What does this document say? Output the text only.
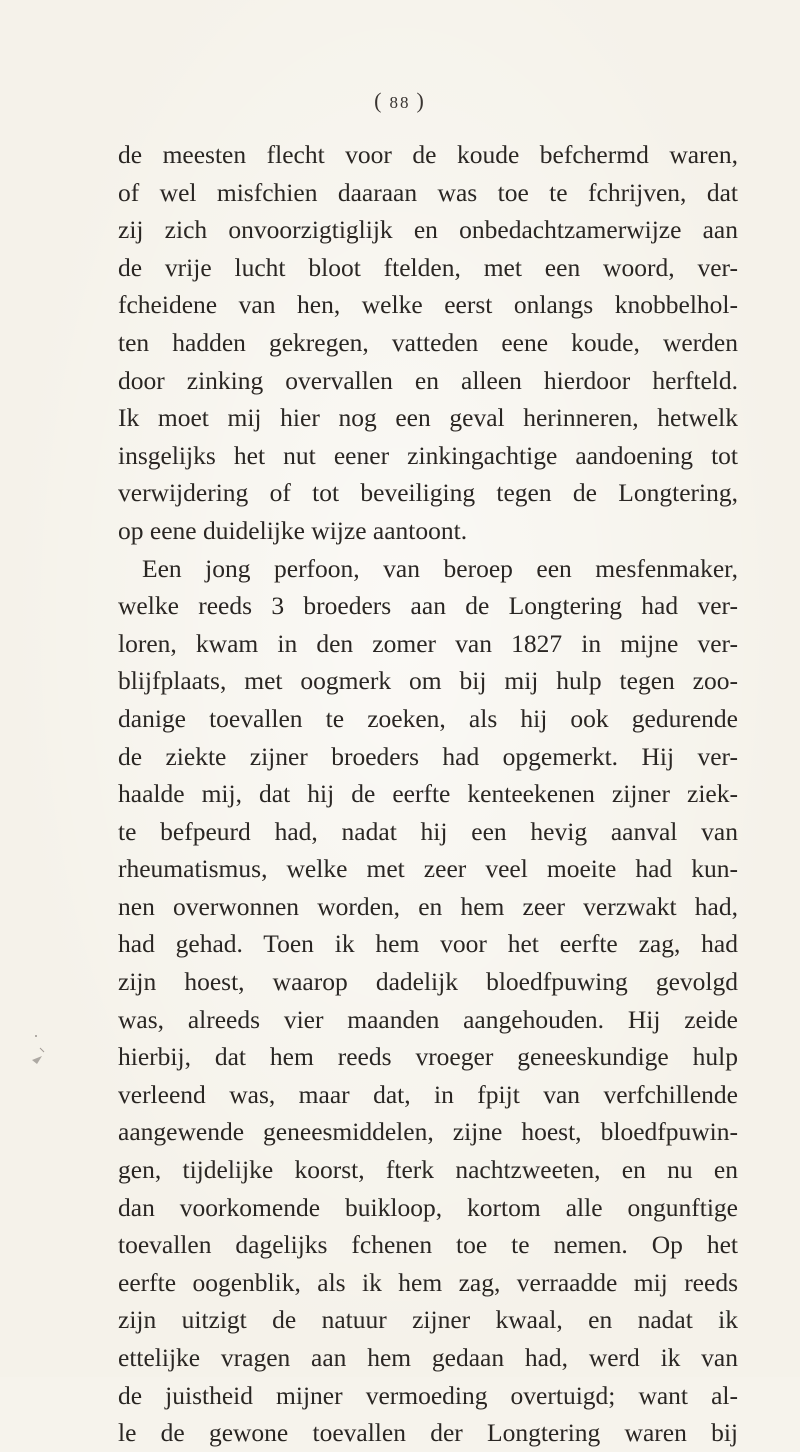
( 88 )
de meesten flecht voor de koude befchermd waren,
of wel misfchien daaraan was toe te fchrijven, dat
zij zich onvoorzigtiglijk en onbedachtzamerwijze aan
de vrije lucht bloot ftelden, met een woord, ver-
fcheidene van hen, welke eerst onlangs knobbelhol-
ten hadden gekregen, vatteden eene koude, werden
door zinking overvallen en alleen hierdoor herfteld.
Ik moet mij hier nog een geval herinneren, hetwelk
insgelijks het nut eener zinkingachtige aandoening tot
verwijdering of tot beveiliging tegen de Longtering,
op eene duidelijke wijze aantoont.
Een jong perfoon, van beroep een mesfenmaker,
welke reeds 3 broeders aan de Longtering had ver-
loren, kwam in den zomer van 1827 in mijne ver-
blijfplaats, met oogmerk om bij mij hulp tegen zoo-
danige toevallen te zoeken, als hij ook gedurende
de ziekte zijner broeders had opgemerkt. Hij ver-
haalde mij, dat hij de eerfte kenteekenen zijner ziek-
te befpeurd had, nadat hij een hevig aanval van
rheumatismus, welke met zeer veel moeite had kun-
nen overwonnen worden, en hem zeer verzwakt had,
had gehad. Toen ik hem voor het eerfte zag, had
zijn hoest, waarop dadelijk bloedfpuwing gevolgd
was, alreeds vier maanden aangehouden. Hij zeide
hierbij, dat hem reeds vroeger geneeskundige hulp
verleend was, maar dat, in fpijt van verfchillende
aangewende geneesmiddelen, zijne hoest, bloedfpuwin-
gen, tijdelijke koorst, fterk nachtzweeten, en nu en
dan voorkomende buikloop, kortom alle ongunftige
toevallen dagelijks fchenen toe te nemen. Op het
eerfte oogenblik, als ik hem zag, verraadde mij reeds
zijn uitzigt de natuur zijner kwaal, en nadat ik
ettelijke vragen aan hem gedaan had, werd ik van
de juistheid mijner vermoeding overtuigd; want al-
le de gewone toevallen der Longtering waren bij
